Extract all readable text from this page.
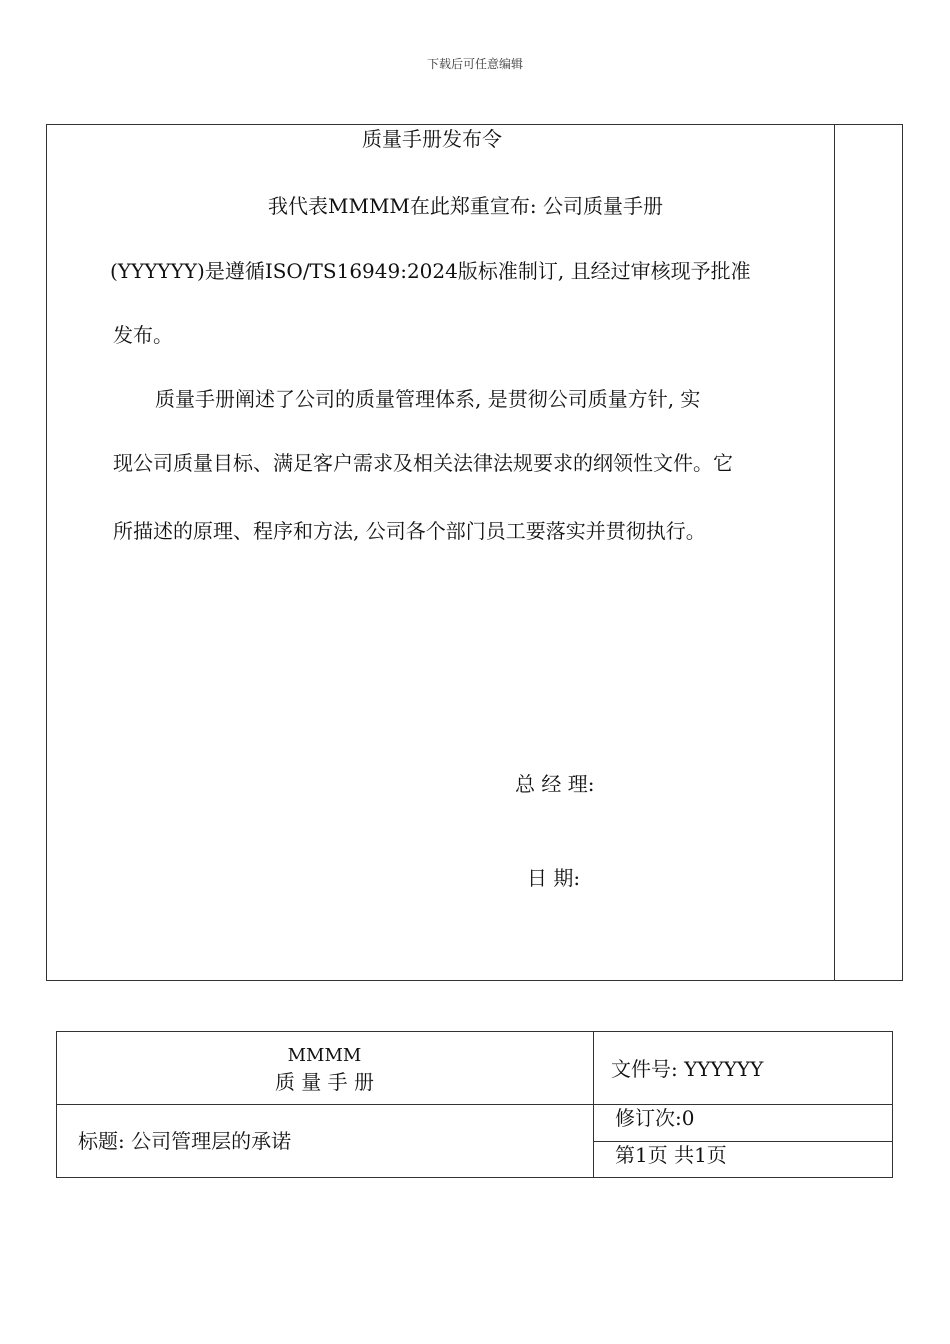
下载后可任意编辑
质量手册发布令
我代表MMMM在此郑重宣布: 公司质量手册
(YYYYYY)是遵循ISO/TS16949:2024版标准制订, 且经过审核现予批准
发布。
质量手册阐述了公司的质量管理体系, 是贯彻公司质量方针, 实
现公司质量目标、满足客户需求及相关法律法规要求的纲领性文件。它
所描述的原理、程序和方法, 公司各个部门员工要落实并贯彻执行。
总 经 理:
日 期:
MMMM
质 量 手 册
文件号: YYYYYY
标题: 公司管理层的承诺
修订次:0
第1页 共1页
